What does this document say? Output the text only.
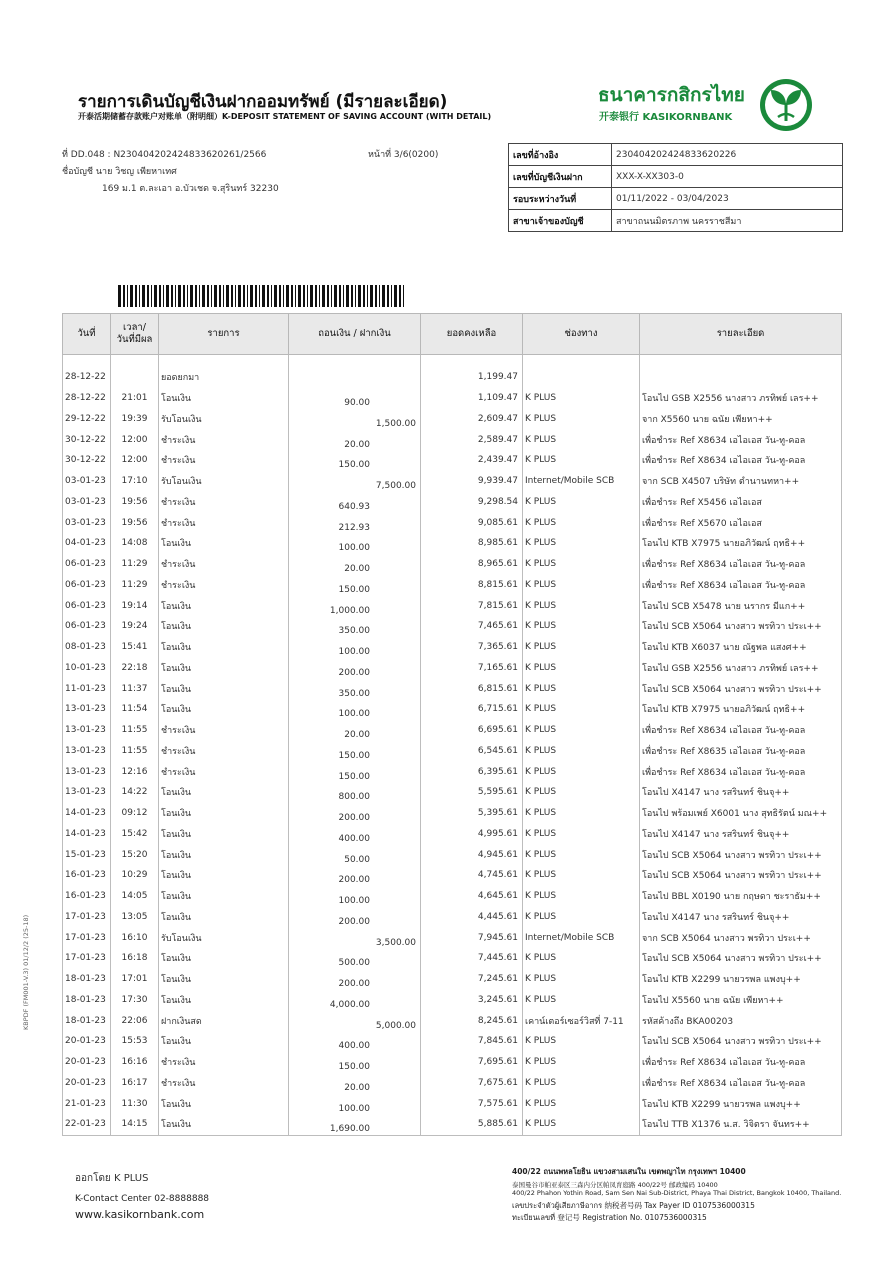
รายการเดินบัญชีเงินฝากออมทรัพย์ (มีรายละเอียด)
开泰活期储蓄存款账户对账单（附明细）K-DEPOSIT STATEMENT OF SAVING ACCOUNT (WITH DETAIL)
ธนาคารกสิกรไทย
开泰银行 KASIKORNBANK
ที่ DD.048 : N230404202424833620261/2566
ชื่อบัญชี นาย วิชญ เพียหาเทศ
169 ม.1 ต.ละเอา อ.บัวเชด จ.สุรินทร์ 32230
หน้าที่ 3/6(0200)	เลขที่อ้างอิง	230404202424833620226
เลขที่บัญชีเงินฝาก	XXX-X-XX303-0
รอบระหว่างวันที่	01/11/2022 - 03/04/2023
สาขาเจ้าของบัญชี	สาขาถนนมิตรภาพ นครราชสีมา
วันที่	เวลา/
วันที่มีผล	รายการ	ถอนเงิน / ฝากเงิน	ยอดคงเหลือ	ช่องทาง	รายละเอียด
28-12-22		ยอดยกมา		1,199.47		
28-12-22	21:01	โอนเงิน	90.00	1,109.47	K PLUS	โอนไป GSB X2556 นางสาว ภรทิพย์ เลร++
29-12-22	19:39	รับโอนเงิน	1,500.00	2,609.47	K PLUS	จาก X5560 นาย ฉนัย เพียหา++
30-12-22	12:00	ชำระเงิน	20.00	2,589.47	K PLUS	เพื่อชำระ Ref X8634 เอไอเอส วัน-ทู-คอล
30-12-22	12:00	ชำระเงิน	150.00	2,439.47	K PLUS	เพื่อชำระ Ref X8634 เอไอเอส วัน-ทู-คอล
03-01-23	17:10	รับโอนเงิน	7,500.00	9,939.47	Internet/Mobile SCB	จาก SCB X4507 บริษัท ตำนานทหา++
03-01-23	19:56	ชำระเงิน	640.93	9,298.54	K PLUS	เพื่อชำระ Ref X5456 เอไอเอส
03-01-23	19:56	ชำระเงิน	212.93	9,085.61	K PLUS	เพื่อชำระ Ref X5670 เอไอเอส
04-01-23	14:08	โอนเงิน	100.00	8,985.61	K PLUS	โอนไป KTB X7975 นายอภิวัฒน์ ฤทธิ++
06-01-23	11:29	ชำระเงิน	20.00	8,965.61	K PLUS	เพื่อชำระ Ref X8634 เอไอเอส วัน-ทู-คอล
06-01-23	11:29	ชำระเงิน	150.00	8,815.61	K PLUS	เพื่อชำระ Ref X8634 เอไอเอส วัน-ทู-คอล
06-01-23	19:14	โอนเงิน	1,000.00	7,815.61	K PLUS	โอนไป SCB X5478 นาย นรากร มีแก++
06-01-23	19:24	โอนเงิน	350.00	7,465.61	K PLUS	โอนไป SCB X5064 นางสาว พรทิวา ประเ++
08-01-23	15:41	โอนเงิน	100.00	7,365.61	K PLUS	โอนไป KTB X6037 นาย ณัฐพล แสงศ++
10-01-23	22:18	โอนเงิน	200.00	7,165.61	K PLUS	โอนไป GSB X2556 นางสาว ภรทิพย์ เลร++
11-01-23	11:37	โอนเงิน	350.00	6,815.61	K PLUS	โอนไป SCB X5064 นางสาว พรทิวา ประเ++
13-01-23	11:54	โอนเงิน	100.00	6,715.61	K PLUS	โอนไป KTB X7975 นายอภิวัฒน์ ฤทธิ++
13-01-23	11:55	ชำระเงิน	20.00	6,695.61	K PLUS	เพื่อชำระ Ref X8634 เอไอเอส วัน-ทู-คอล
13-01-23	11:55	ชำระเงิน	150.00	6,545.61	K PLUS	เพื่อชำระ Ref X8635 เอไอเอส วัน-ทู-คอล
13-01-23	12:16	ชำระเงิน	150.00	6,395.61	K PLUS	เพื่อชำระ Ref X8634 เอไอเอส วัน-ทู-คอล
13-01-23	14:22	โอนเงิน	800.00	5,595.61	K PLUS	โอนไป X4147 นาง รสรินทร์ ชินจุ++
14-01-23	09:12	โอนเงิน	200.00	5,395.61	K PLUS	โอนไป พร้อมเพย์ X6001 นาง สุทธิรัตน์ มณ++
14-01-23	15:42	โอนเงิน	400.00	4,995.61	K PLUS	โอนไป X4147 นาง รสรินทร์ ชินจุ++
15-01-23	15:20	โอนเงิน	50.00	4,945.61	K PLUS	โอนไป SCB X5064 นางสาว พรทิวา ประเ++
16-01-23	10:29	โอนเงิน	200.00	4,745.61	K PLUS	โอนไป SCB X5064 นางสาว พรทิวา ประเ++
16-01-23	14:05	โอนเงิน	100.00	4,645.61	K PLUS	โอนไป BBL X0190 นาย กฤษดา ชะราธัม++
17-01-23	13:05	โอนเงิน	200.00	4,445.61	K PLUS	โอนไป X4147 นาง รสรินทร์ ชินจุ++
17-01-23	16:10	รับโอนเงิน	3,500.00	7,945.61	Internet/Mobile SCB	จาก SCB X5064 นางสาว พรทิวา ประเ++
17-01-23	16:18	โอนเงิน	500.00	7,445.61	K PLUS	โอนไป SCB X5064 นางสาว พรทิวา ประเ++
18-01-23	17:01	โอนเงิน	200.00	7,245.61	K PLUS	โอนไป KTB X2299 นายวรพล แพงบุ++
18-01-23	17:30	โอนเงิน	4,000.00	3,245.61	K PLUS	โอนไป X5560 นาย ฉนัย เพียหา++
18-01-23	22:06	ฝากเงินสด	5,000.00	8,245.61	เคาน์เตอร์เซอร์วิสที่ 7-11	รหัสค้างถึง BKA00203
20-01-23	15:53	โอนเงิน	400.00	7,845.61	K PLUS	โอนไป SCB X5064 นางสาว พรทิวา ประเ++
20-01-23	16:16	ชำระเงิน	150.00	7,695.61	K PLUS	เพื่อชำระ Ref X8634 เอไอเอส วัน-ทู-คอล
20-01-23	16:17	ชำระเงิน	20.00	7,675.61	K PLUS	เพื่อชำระ Ref X8634 เอไอเอส วัน-ทู-คอล
21-01-23	11:30	โอนเงิน	100.00	7,575.61	K PLUS	โอนไป KTB X2299 นายวรพล แพงบุ++
22-01-23	14:15	โอนเงิน	1,690.00	5,885.61	K PLUS	โอนไป TTB X1376 น.ส. วิจิตรา จันทร++
KBPDF (FM001-V.3) 01/12/2 (25-18)
ออกโดย K PLUS
K-Contact Center 02-8888888
www.kasikornbank.com
400/22 ถนนพหลโยธิน แขวงสามเสนใน เขตพญาไท กรุงเทพฯ 10400
泰国曼谷市帕亚泰区三森内分区帕凤育庭路 400/22号 邮政编码 10400
400/22 Phahon Yothin Road, Sam Sen Nai Sub-District, Phaya Thai District, Bangkok 10400, Thailand.
เลขประจำตัวผู้เสียภาษีอากร 纳税者号码 Tax Payer ID 0107536000315
ทะเบียนเลขที่ 登记号 Registration No. 0107536000315
